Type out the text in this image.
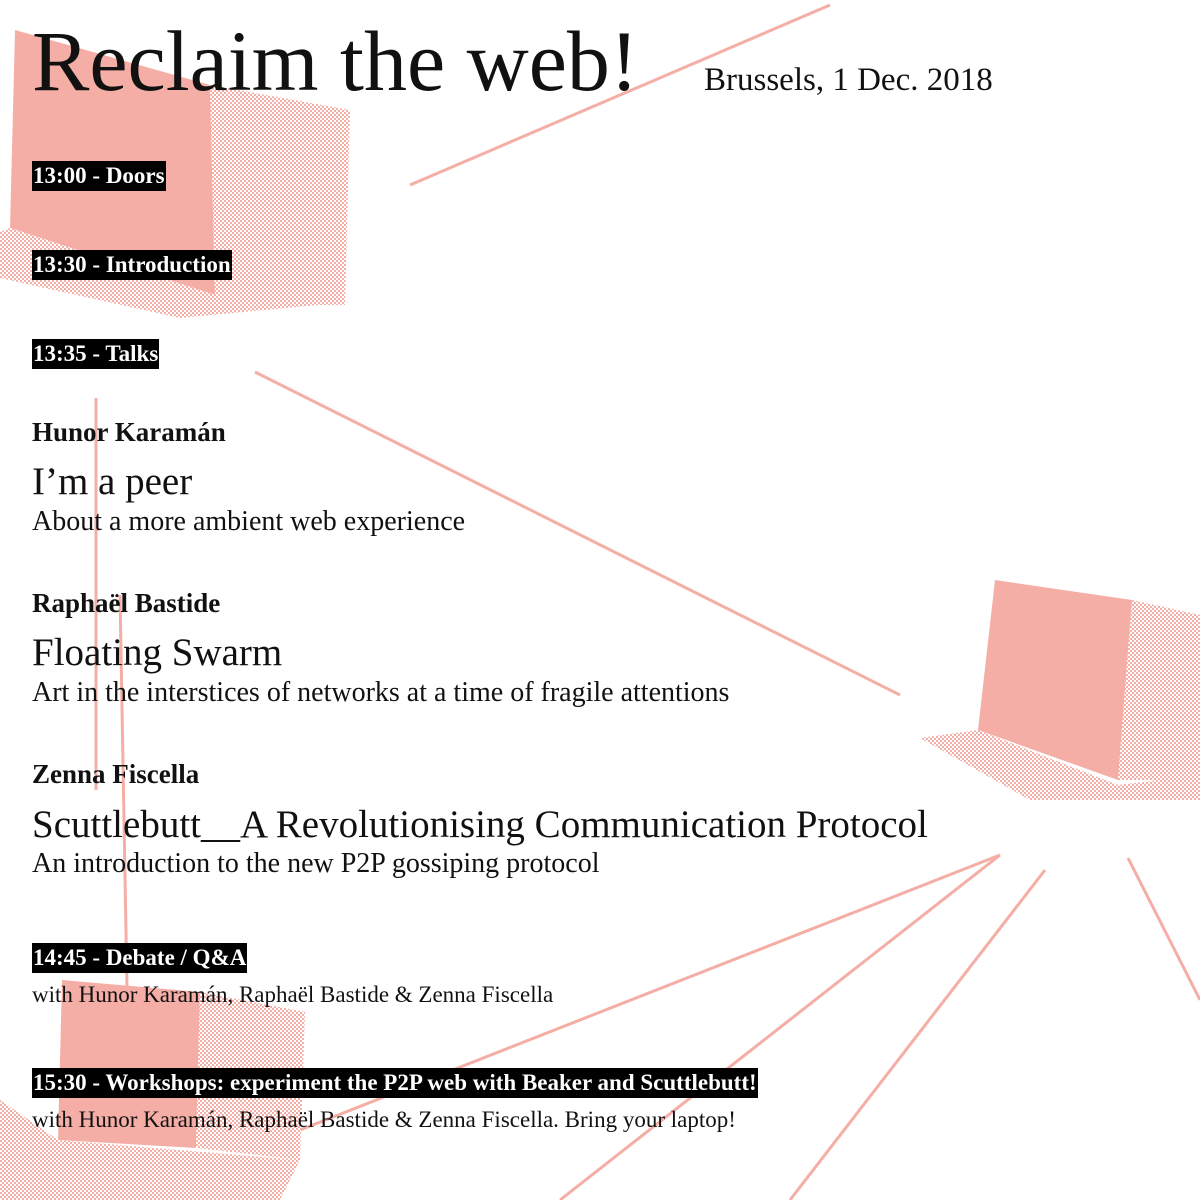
Reclaim the web! Brussels, 1 Dec. 2018
13:00 - Doors
13:30 - Introduction
13:35 - Talks
Hunor Karamán
I’m a peer
About a more ambient web experience
Raphaël Bastide
Floating Swarm
Art in the interstices of networks at a time of fragile attentions
Zenna Fiscella
Scuttlebutt__A Revolutionising Communication Protocol
An introduction to the new P2P gossiping protocol
14:45 - Debate / Q&A
with Hunor Karamán, Raphaël Bastide & Zenna Fiscella
15:30 - Workshops: experiment the P2P web with Beaker and Scuttlebutt!
with Hunor Karamán, Raphaël Bastide & Zenna Fiscella. Bring your laptop!
